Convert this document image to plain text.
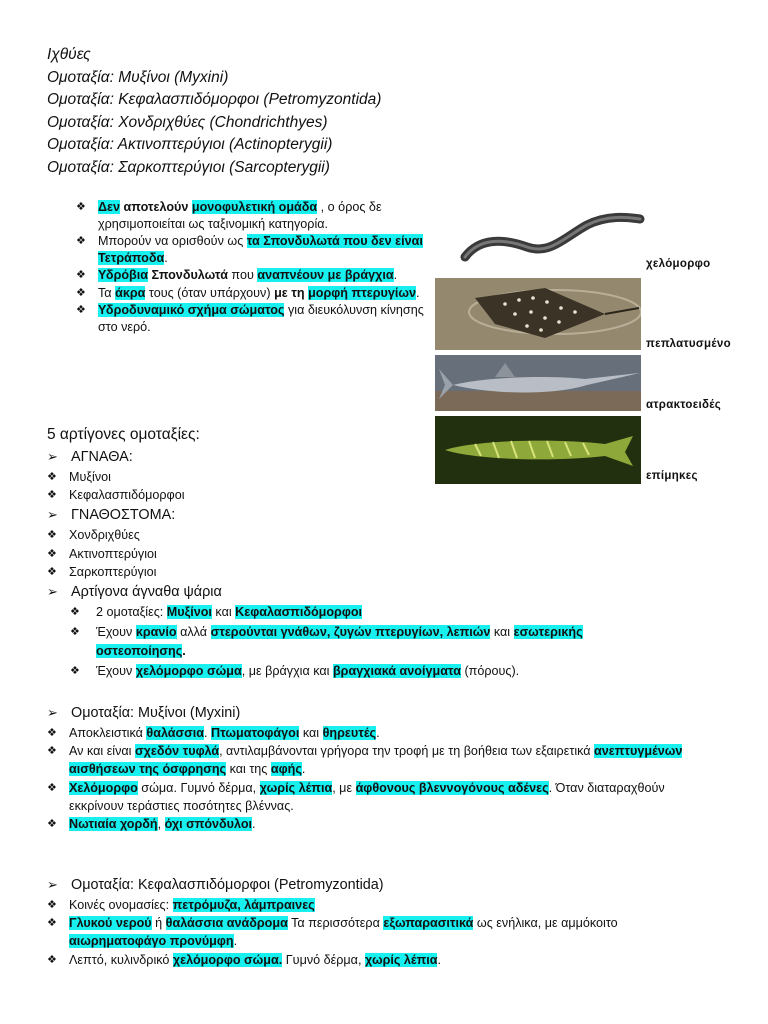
Ιχθύες
Ομοταξία: Μυξίνοι (Myxini)
Ομοταξία: Κεφαλασπιδόμορφοι (Petromyzontida)
Ομοταξία: Χονδριχθύες (Chondrichthyes)
Ομοταξία: Ακτινοπτερύγιοι (Actinopterygii)
Ομοταξία: Σαρκοπτερύγιοι (Sarcopterygii)
❖ Δεν αποτελούν μονοφυλετική ομάδα , ο όρος δε χρησιμοποιείται ως ταξινομική κατηγορία.
❖ Μπορούν να ορισθούν ως τα Σπονδυλωτά που δεν είναι Τετράποδα.
❖ Υδρόβια Σπονδυλωτά που αναπνέουν με βράγχια.
❖ Τα άκρα τους (όταν υπάρχουν) με τη μορφή πτερυγίων.
❖ Υδροδυναμικό σχήμα σώματος για διευκόλυνση κίνησης στο νερό.
χελόμορφο
πεπλατυσμένο
ατρακτοειδές
επίμηκες
5 αρτίγονες ομοταξίες:
➢ ΑΓΝΑΘΑ:
❖ Μυξίνοι
❖ Κεφαλασπιδόμορφοι
➢ ΓΝΑΘΟΣΤΟΜΑ:
❖ Χονδριχθύες
❖ Ακτινοπτερύγιοι
❖ Σαρκοπτερύγιοι
➢ Αρτίγονα άγναθα ψάρια
❖ 2 ομοταξίες: Μυξίνοι και Κεφαλασπιδόμορφοι
❖ Έχουν κρανίο αλλά στερούνται γνάθων, ζυγών πτερυγίων, λεπιών και εσωτερικής οστεοποίησης.
❖ Έχουν χελόμορφο σώμα, με βράγχια και βραγχιακά ανοίγματα (πόρους).
➢ Ομοταξία: Μυξίνοι (Myxini)
❖ Αποκλειστικά θαλάσσια. Πτωματοφάγοι και θηρευτές.
❖ Αν και είναι σχεδόν τυφλά, αντιλαμβάνονται γρήγορα την τροφή με τη βοήθεια των εξαιρετικά ανεπτυγμένων αισθήσεων της όσφρησης και της αφής.
❖ Χελόμορφο σώμα. Γυμνό δέρμα, χωρίς λέπια, με άφθονους βλεννογόνους αδένες. Όταν διαταραχθούν εκκρίνουν τεράστιες ποσότητες βλέννας.
❖ Νωτιαία χορδή, όχι σπόνδυλοι.
➢ Ομοταξία: Κεφαλασπιδόμορφοι (Petromyzontida)
❖ Κοινές ονομασίες: πετρόμυζα, λάμπραινες
❖ Γλυκού νερού ή θαλάσσια ανάδρομα Τα περισσότερα εξωπαρασιτικά ως ενήλικα, με αμμόκοιτο αιωρηματοφάγο προνύμφη.
❖ Λεπτό, κυλινδρικό χελόμορφο σώμα. Γυμνό δέρμα, χωρίς λέπια.
